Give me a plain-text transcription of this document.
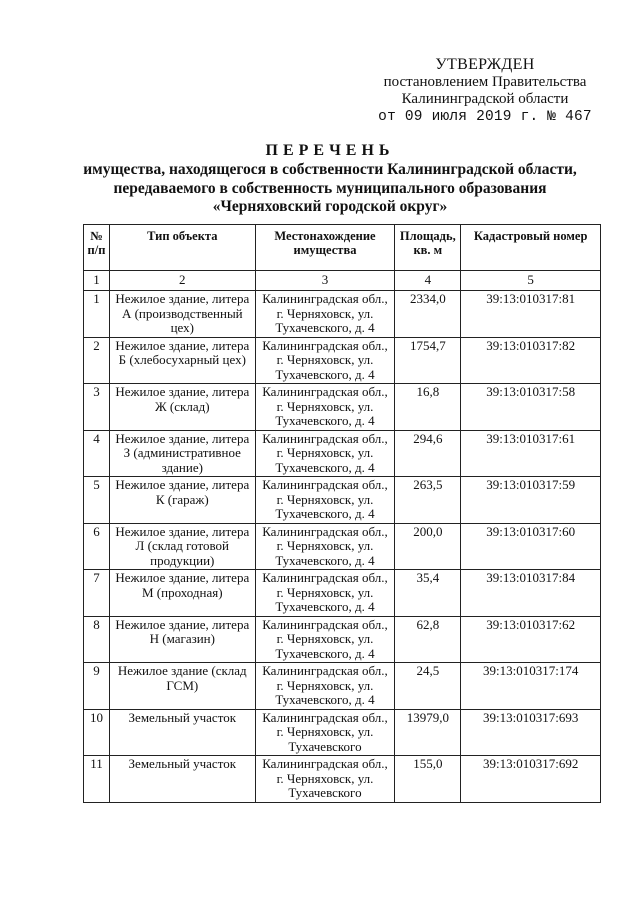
УТВЕРЖДЕН
постановлением Правительства
Калининградской области
от 09 июля 2019 г. № 467
ПЕРЕЧЕНЬ
имущества, находящегося в собственности Калининградской области,
передаваемого в собственность муниципального образования
«Черняховский городской округ»
№ п/п	Тип объекта	Местонахождение имущества	Площадь, кв. м	Кадастровый номер
1	2	3	4	5
1	Нежилое здание, литера А (производственный цех)	Калининградская обл., г. Черняховск, ул. Тухачевского, д. 4	2334,0	39:13:010317:81
2	Нежилое здание, литера Б (хлебосухарный цех)	Калининградская обл., г. Черняховск, ул. Тухачевского, д. 4	1754,7	39:13:010317:82
3	Нежилое здание, литера Ж (склад)	Калининградская обл., г. Черняховск, ул. Тухачевского, д. 4	16,8	39:13:010317:58
4	Нежилое здание, литера З (административное здание)	Калининградская обл., г. Черняховск, ул. Тухачевского, д. 4	294,6	39:13:010317:61
5	Нежилое здание, литера К (гараж)	Калининградская обл., г. Черняховск, ул. Тухачевского, д. 4	263,5	39:13:010317:59
6	Нежилое здание, литера Л (склад готовой продукции)	Калининградская обл., г. Черняховск, ул. Тухачевского, д. 4	200,0	39:13:010317:60
7	Нежилое здание, литера М (проходная)	Калининградская обл., г. Черняховск, ул. Тухачевского, д. 4	35,4	39:13:010317:84
8	Нежилое здание, литера Н (магазин)	Калининградская обл., г. Черняховск, ул. Тухачевского, д. 4	62,8	39:13:010317:62
9	Нежилое здание (склад ГСМ)	Калининградская обл., г. Черняховск, ул. Тухачевского, д. 4	24,5	39:13:010317:174
10	Земельный участок	Калининградская обл., г. Черняховск, ул. Тухачевского	13979,0	39:13:010317:693
11	Земельный участок	Калининградская обл., г. Черняховск, ул. Тухачевского	155,0	39:13:010317:692
